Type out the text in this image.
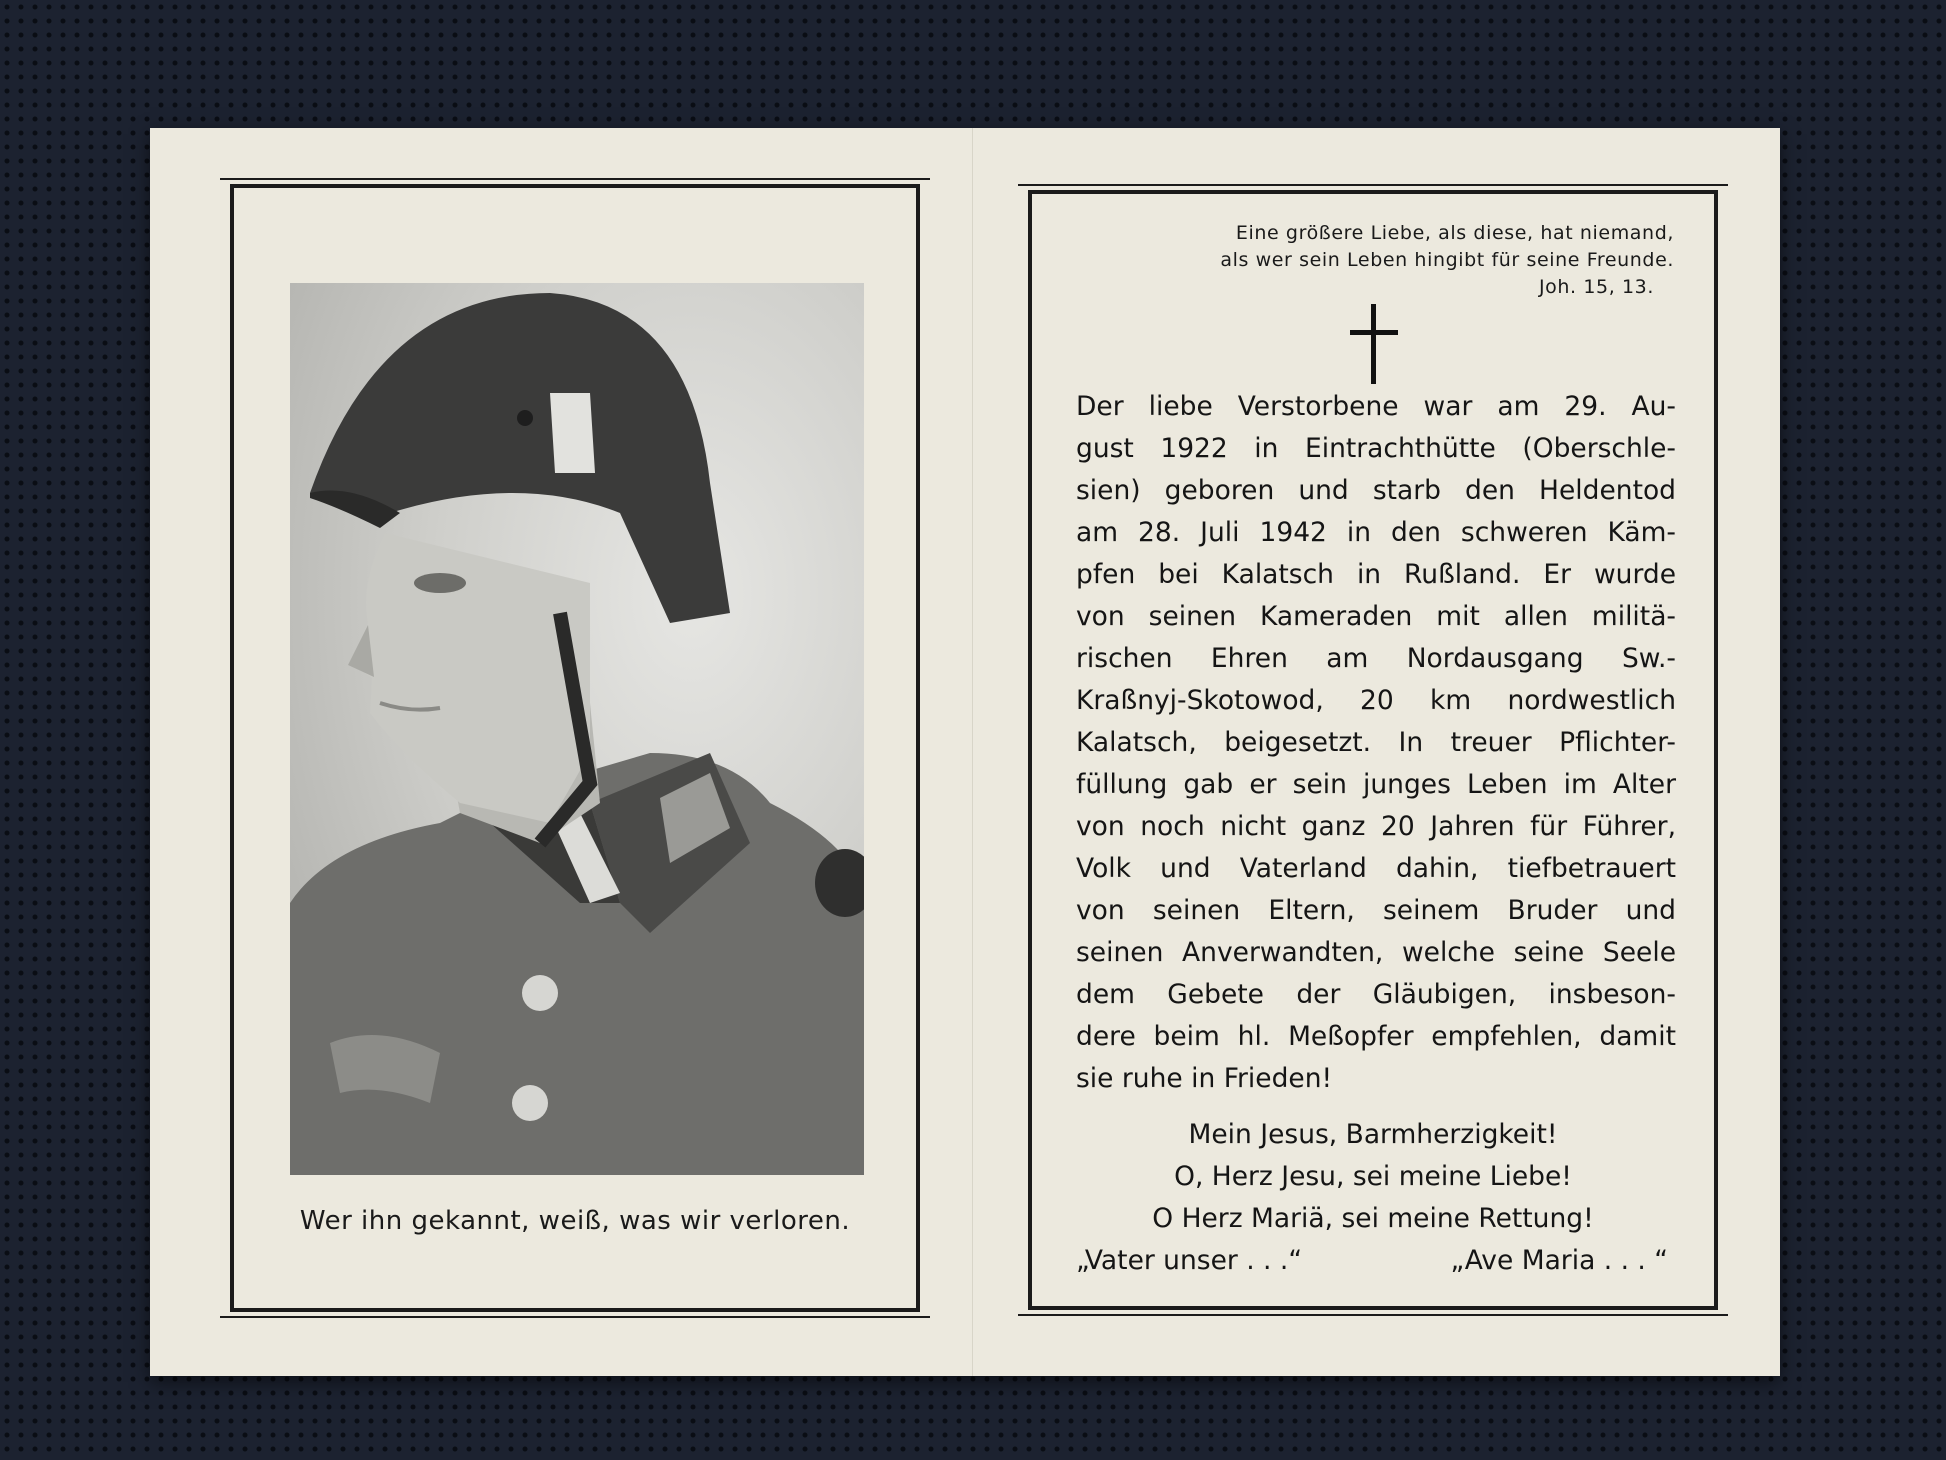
Wer ihn gekannt, weiß, was wir verloren.
Eine größere Liebe, als diese, hat niemand,
als wer sein Leben hingibt für seine Freunde.
Joh. 15, 13.
Der liebe Verstorbene war am 29. Au-
gust 1922 in Eintrachthütte (Oberschle-
sien) geboren und starb den Heldentod
am 28. Juli 1942 in den schweren Käm-
pfen bei Kalatsch in Rußland. Er wurde
von seinen Kameraden mit allen militä-
rischen Ehren am Nordausgang Sw.-
Kraßnyj-Skotowod, 20 km nordwestlich
Kalatsch, beigesetzt. In treuer Pflichter-
füllung gab er sein junges Leben im Alter
von noch nicht ganz 20 Jahren für Führer,
Volk und Vaterland dahin, tiefbetrauert
von seinen Eltern, seinem Bruder und
seinen Anverwandten, welche seine Seele
dem Gebete der Gläubigen, insbeson-
dere beim hl. Meßopfer empfehlen, damit
sie ruhe in Frieden!
Mein Jesus, Barmherzigkeit!
O, Herz Jesu, sei meine Liebe!
O Herz Mariä, sei meine Rettung!
„Vater unser . . .“	„Ave Maria . . . “
